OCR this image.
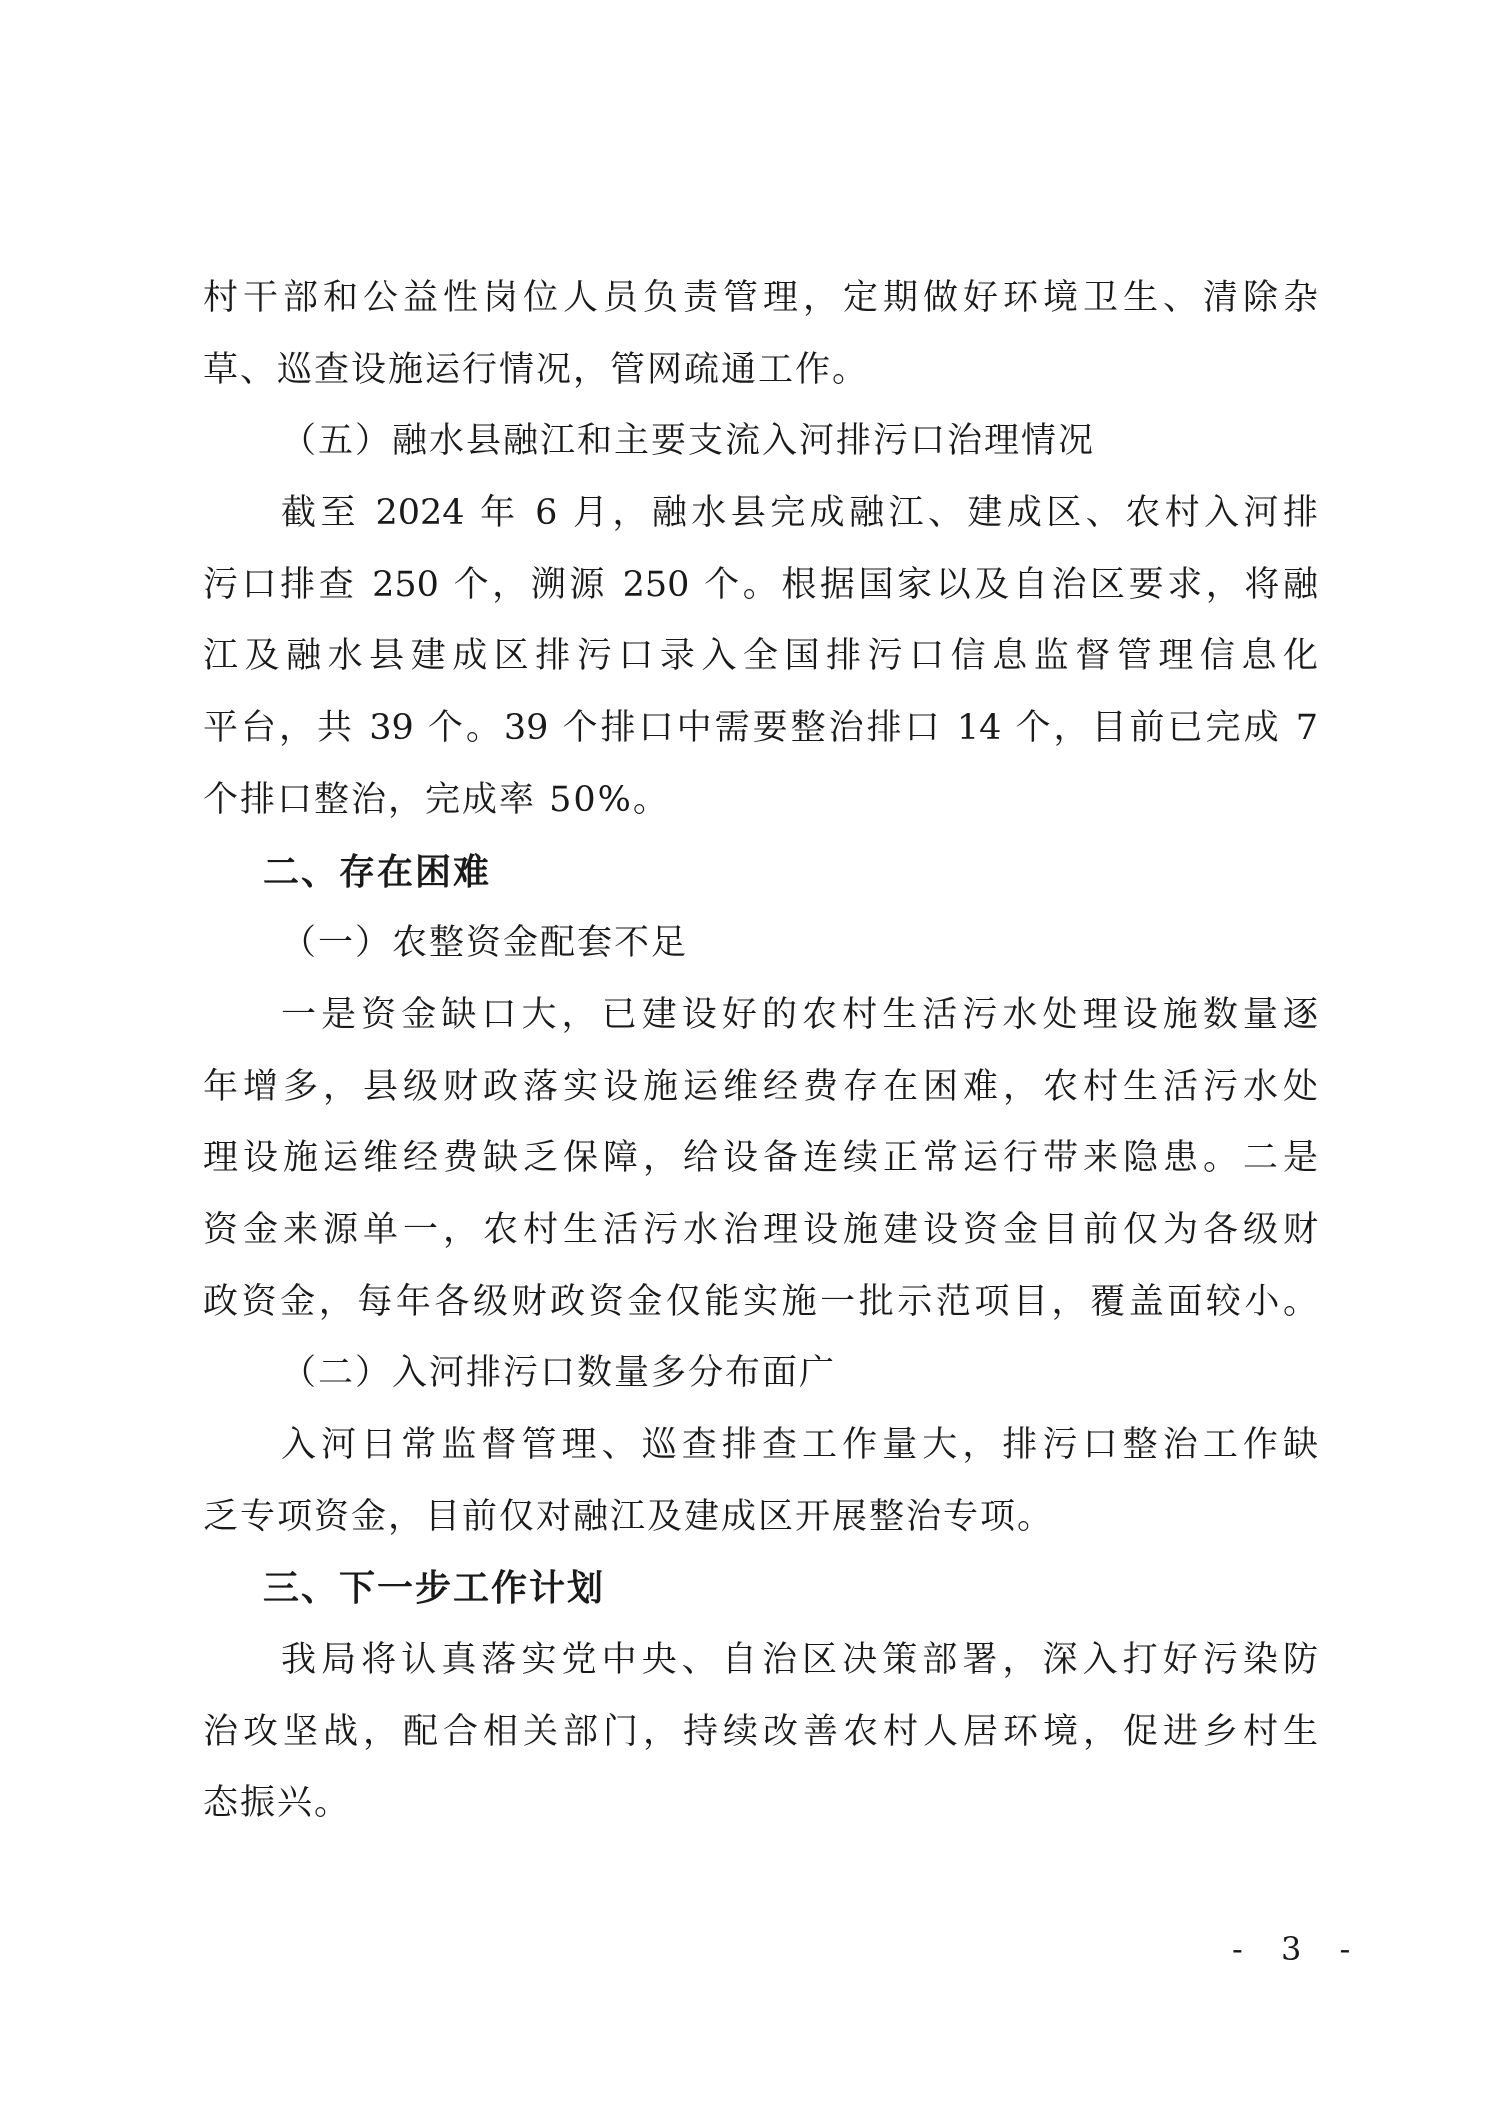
村干部和公益性岗位人员负责管理，定期做好环境卫生、清除杂
草、巡查设施运行情况，管网疏通工作。
（五）融水县融江和主要支流入河排污口治理情况
截至 2024 年 6 月，融水县完成融江、建成区、农村入河排
污口排查 250 个，溯源 250 个。根据国家以及自治区要求，将融
江及融水县建成区排污口录入全国排污口信息监督管理信息化
平台，共 39 个。39 个排口中需要整治排口 14 个，目前已完成 7
个排口整治，完成率 50%。
二、存在困难
（一）农整资金配套不足
一是资金缺口大，已建设好的农村生活污水处理设施数量逐
年增多，县级财政落实设施运维经费存在困难，农村生活污水处
理设施运维经费缺乏保障，给设备连续正常运行带来隐患。二是
资金来源单一，农村生活污水治理设施建设资金目前仅为各级财
政资金，每年各级财政资金仅能实施一批示范项目，覆盖面较小。
（二）入河排污口数量多分布面广
入河日常监督管理、巡查排查工作量大，排污口整治工作缺
乏专项资金，目前仅对融江及建成区开展整治专项。
三、下一步工作计划
我局将认真落实党中央、自治区决策部署，深入打好污染防
治攻坚战，配合相关部门，持续改善农村人居环境，促进乡村生
态振兴。
- 3 -
